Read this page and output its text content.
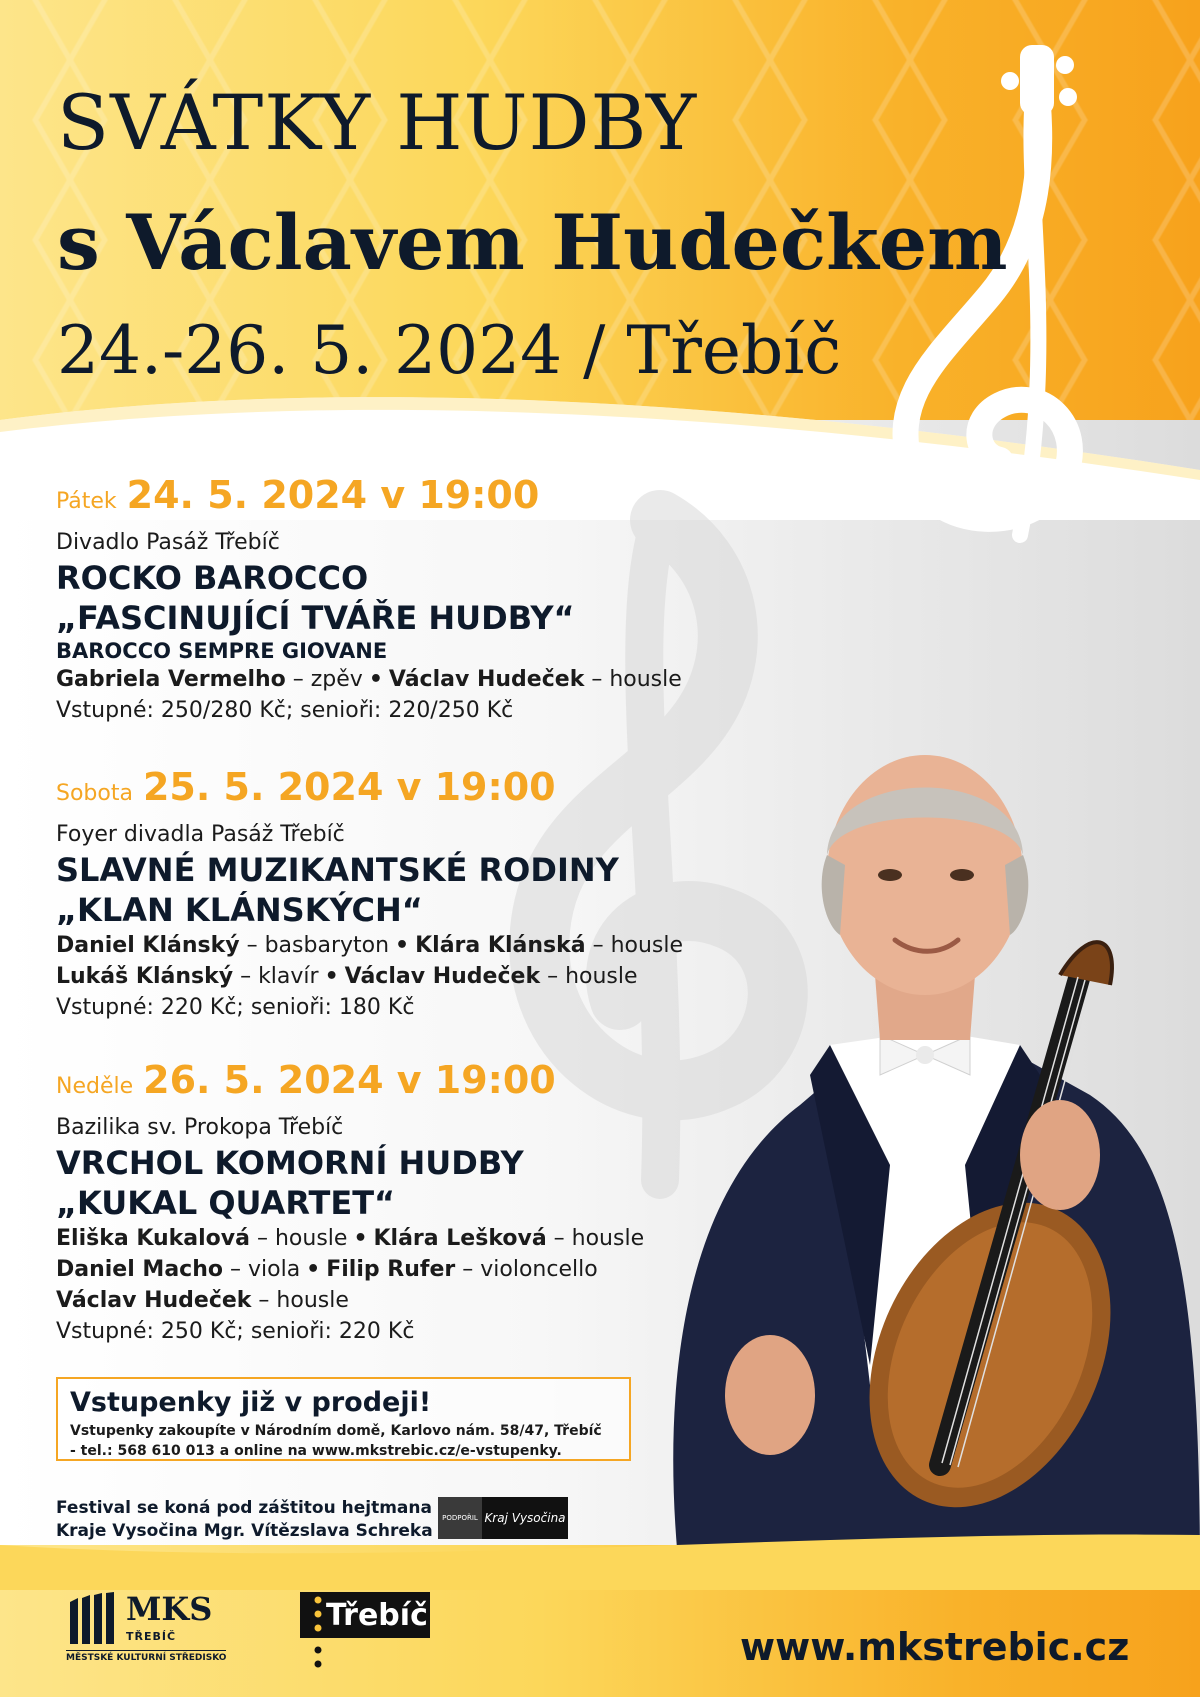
SVÁTKY HUDBY
s Václavem Hudečkem
24.-26. 5. 2024 / Třebíč
Pátek 24. 5. 2024 v 19:00
Divadlo Pasáž Třebíč
ROCKO BAROCCO
„FASCINUJÍCÍ TVÁŘE HUDBY“
BAROCCO SEMPRE GIOVANE
Gabriela Vermelho – zpěv • Václav Hudeček – housle
Vstupné: 250/280 Kč; senioři: 220/250 Kč
Sobota 25. 5. 2024 v 19:00
Foyer divadla Pasáž Třebíč
SLAVNÉ MUZIKANTSKÉ RODINY
„KLAN KLÁNSKÝCH“
Daniel Klánský – basbaryton • Klára Klánská – housle
Lukáš Klánský – klavír • Václav Hudeček – housle
Vstupné: 220 Kč; senioři: 180 Kč
Neděle 26. 5. 2024 v 19:00
Bazilika sv. Prokopa Třebíč
VRCHOL KOMORNÍ HUDBY
„KUKAL QUARTET“
Eliška Kukalová – housle • Klára Lešková – housle
Daniel Macho – viola • Filip Rufer – violoncello
Václav Hudeček – housle
Vstupné: 250 Kč; senioři: 220 Kč
Vstupenky již v prodeji!
Vstupenky zakoupíte v Národním domě, Karlovo nám. 58/47, Třebíč
- tel.: 568 610 013 a online na www.mkstrebic.cz/e-vstupenky.
Festival se koná pod záštitou hejtmana
Kraje Vysočina Mgr. Vítězslava Schreka
PODPOŘIL Kraj Vysočina
MKS
TŘEBÍČ
MĚSTSKÉ KULTURNÍ STŘEDISKO
Třebíč
www.mkstrebic.cz
